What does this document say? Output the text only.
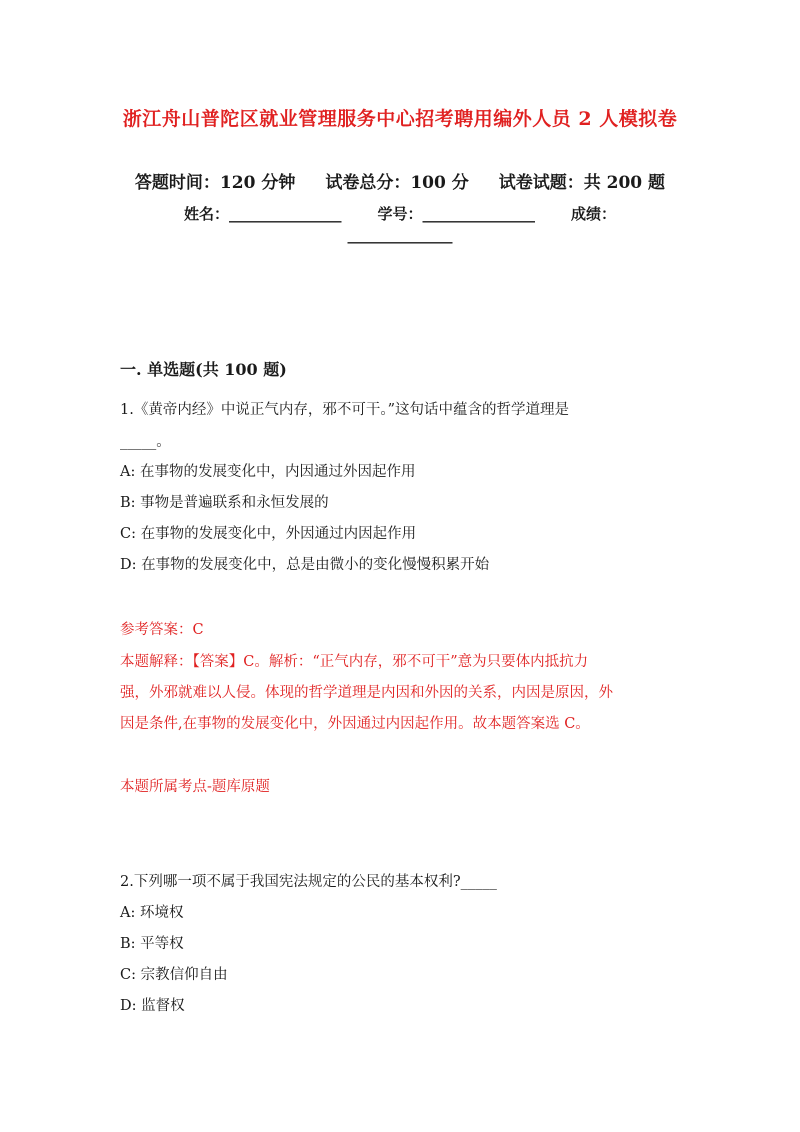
浙江舟山普陀区就业管理服务中心招考聘用编外人员 2 人模拟卷
答题时间：120 分钟 试卷总分：100 分 试卷试题：共 200 题
姓名：_______________ 学号：_______________ 成绩：
______________
一. 单选题(共 100 题)
1.《黄帝内经》中说正气内存，邪不可干。”这句话中蕴含的哲学道理是
_____。
A: 在事物的发展变化中，内因通过外因起作用
B: 事物是普遍联系和永恒发展的
C: 在事物的发展变化中，外因通过内因起作用
D: 在事物的发展变化中，总是由微小的变化慢慢积累开始
参考答案：C
本题解释：【答案】C。解析：“正气内存，邪不可干”意为只要体内抵抗力
强，外邪就难以人侵。体现的哲学道理是内因和外因的关系，内因是原因，外
因是条件,在事物的发展变化中，外因通过内因起作用。故本题答案选 C。
本题所属考点-题库原题
2.下列哪一项不属于我国宪法规定的公民的基本权利?_____
A: 环境权
B: 平等权
C: 宗教信仰自由
D: 监督权
